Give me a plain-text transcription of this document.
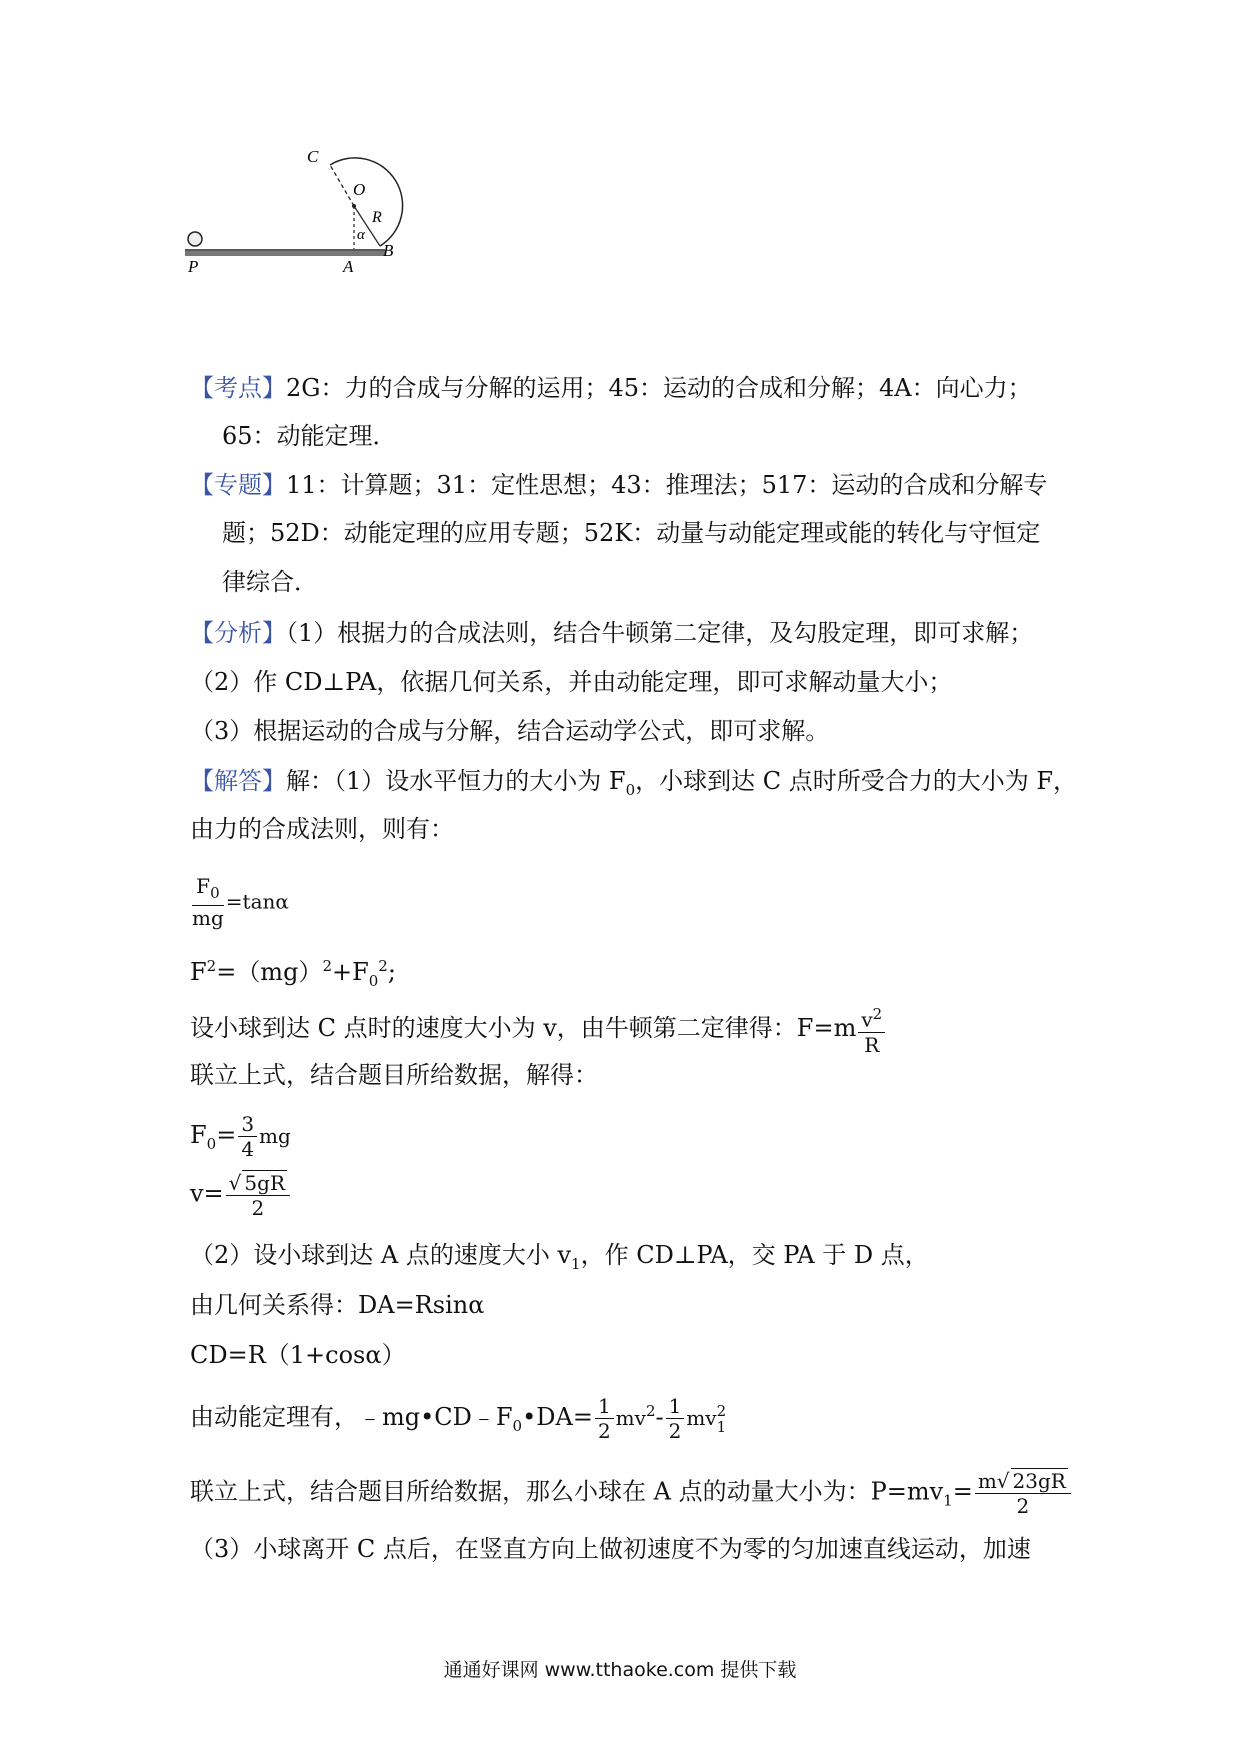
C
O
R
α
B
A
P
【考点】2G：力的合成与分解的运用；45：运动的合成和分解；4A：向心力；
65：动能定理．
【专题】11：计算题；31：定性思想；43：推理法；517：运动的合成和分解专
题；52D：动能定理的应用专题；52K：动量与动能定理或能的转化与守恒定
律综合．
【分析】（1）根据力的合成法则，结合牛顿第二定律，及勾股定理，即可求解；
（2）作 CD⊥PA，依据几何关系，并由动能定理，即可求解动量大小；
（3）根据运动的合成与分解，结合运动学公式，即可求解。
【解答】解：（1）设水平恒力的大小为 $F_0$，小球到达 C 点时所受合力的大小为 F，
由力的合成法则，则有：
$\frac{F_0}{mg} =\tan\alpha$
$F^2=(mg)^2+F_0^2$;
设小球到达 C 点时的速度大小为 v，由牛顿第二定律得：$F=m \frac{v^2}{R}$
联立上式，结合题目所给数据，解得：
$F_0= \frac{3}{4}$ mg
$v= \frac{√ 5gR}{2}$
（2）设小球到达 A 点的速度大小 $v_1$，作 CD⊥PA，交 PA 于 D 点，
由几何关系得：DA=Rsinα
CD=R（1+cosα）
由动能定理有，$﹣mg•CD﹣F_0•DA= \frac{1}{2} mv^2- \frac{1}{2}$ mv 2
1
联立上式，结合题目所给数据，那么小球在 A 点的动量大小为：$P=mv_1= \frac{m√ 23gR}{2}$
（3）小球离开 C 点后，在竖直方向上做初速度不为零的匀加速直线运动，加速
通通好课网 www.tthaoke.com 提供下载
